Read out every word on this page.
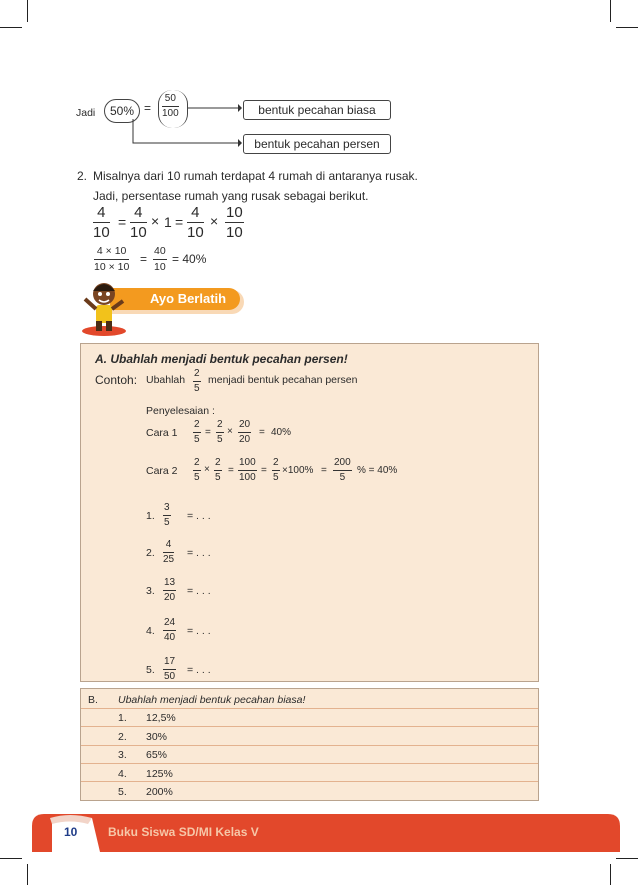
Jadi	$50\% = \frac{50}{100}$	bentuk pecahan biasa
bentuk pecahan persen
2. Misalnya dari 10 rumah terdapat 4 rumah di antaranya rusak.
Jadi, persentase rumah yang rusak sebagai berikut.
$\frac{4}{10} = \frac{4}{10} \times 1 = \frac{4}{10} \times \frac{10}{10}$
$\frac{4 \times 10}{10 \times 10} = \frac{40}{10} = 40\%$
Ayo Berlatih
A. Ubahlah menjadi bentuk pecahan persen!
Contoh: Ubahlah $\frac{2}{5}$ menjadi bentuk pecahan persen
Penyelesaian :
Cara $1 \frac{2}{5} = \frac{2}{5} \times \frac{20}{20} = 40\%$
Cara $2 \frac{2}{5} \times \frac{2}{5} = \frac{100}{100} = \frac{2}{5} \times 100\% = \frac{200}{5}$ % = 40%
1. $\frac{3}{5}$ = . . .
2. $\frac{4}{25}$ = . . .
3. $\frac{13}{20}$ = . . .
4. $\frac{24}{40}$ = . . .
5. $\frac{17}{50}$ = . . .
B. Ubahlah menjadi bentuk pecahan biasa!
1. 12,5%
2. 30%
3. 65%
4. 125%
5. 200%
10	Buku Siswa SD/MI Kelas V
